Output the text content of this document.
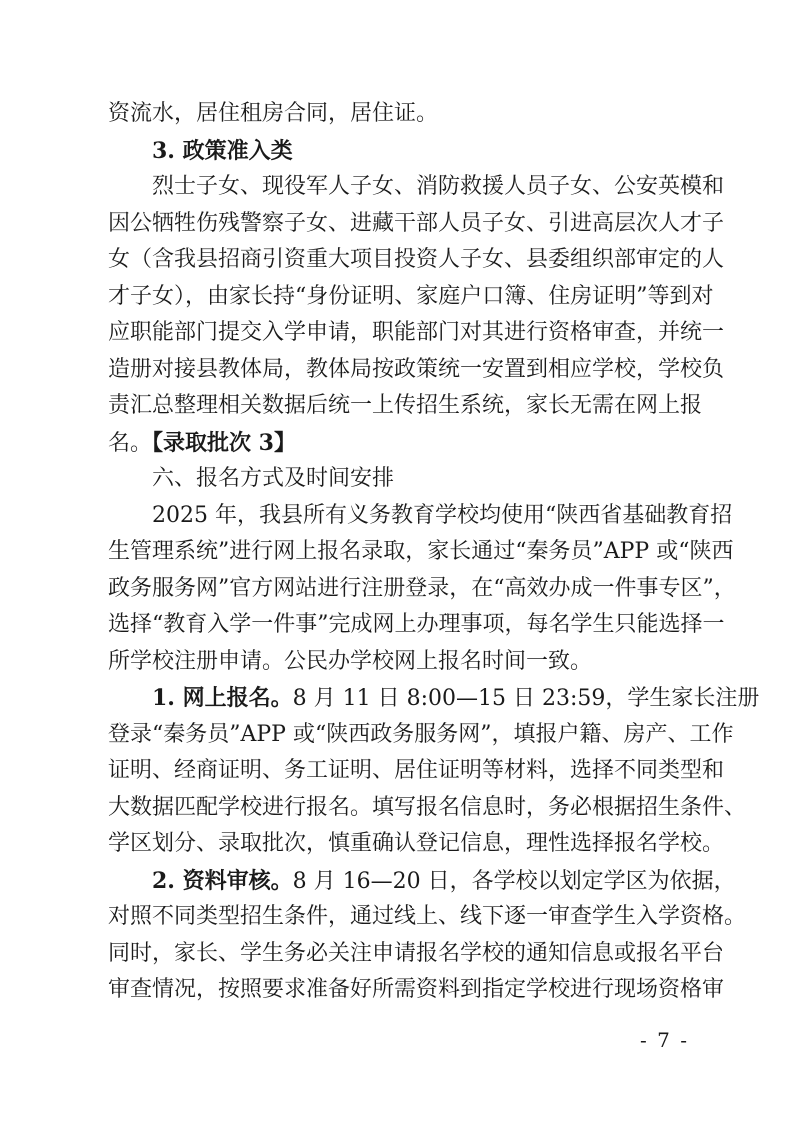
资流水，居住租房合同，居住证。
3. 政策准入类
烈士子女、现役军人子女、消防救援人员子女、公安英模和
因公牺牲伤残警察子女、进藏干部人员子女、引进高层次人才子
女（含我县招商引资重大项目投资人子女、县委组织部审定的人
才子女），由家长持“身份证明、家庭户口簿、住房证明”等到对
应职能部门提交入学申请，职能部门对其进行资格审查，并统一
造册对接县教体局，教体局按政策统一安置到相应学校，学校负
责汇总整理相关数据后统一上传招生系统，家长无需在网上报
名。【录取批次 3】
六、报名方式及时间安排
2025 年，我县所有义务教育学校均使用“陕西省基础教育招
生管理系统”进行网上报名录取，家长通过“秦务员”APP 或“陕西
政务服务网”官方网站进行注册登录，在“高效办成一件事专区”，
选择“教育入学一件事”完成网上办理事项，每名学生只能选择一
所学校注册申请。公民办学校网上报名时间一致。
1. 网上报名。8 月 11 日 8:00—15 日 23:59，学生家长注册
登录“秦务员”APP 或“陕西政务服务网”，填报户籍、房产、工作
证明、经商证明、务工证明、居住证明等材料，选择不同类型和
大数据匹配学校进行报名。填写报名信息时，务必根据招生条件、
学区划分、录取批次，慎重确认登记信息，理性选择报名学校。
2. 资料审核。8 月 16—20 日，各学校以划定学区为依据，
对照不同类型招生条件，通过线上、线下逐一审查学生入学资格。
同时，家长、学生务必关注申请报名学校的通知信息或报名平台
审查情况，按照要求准备好所需资料到指定学校进行现场资格审
- 7 -
